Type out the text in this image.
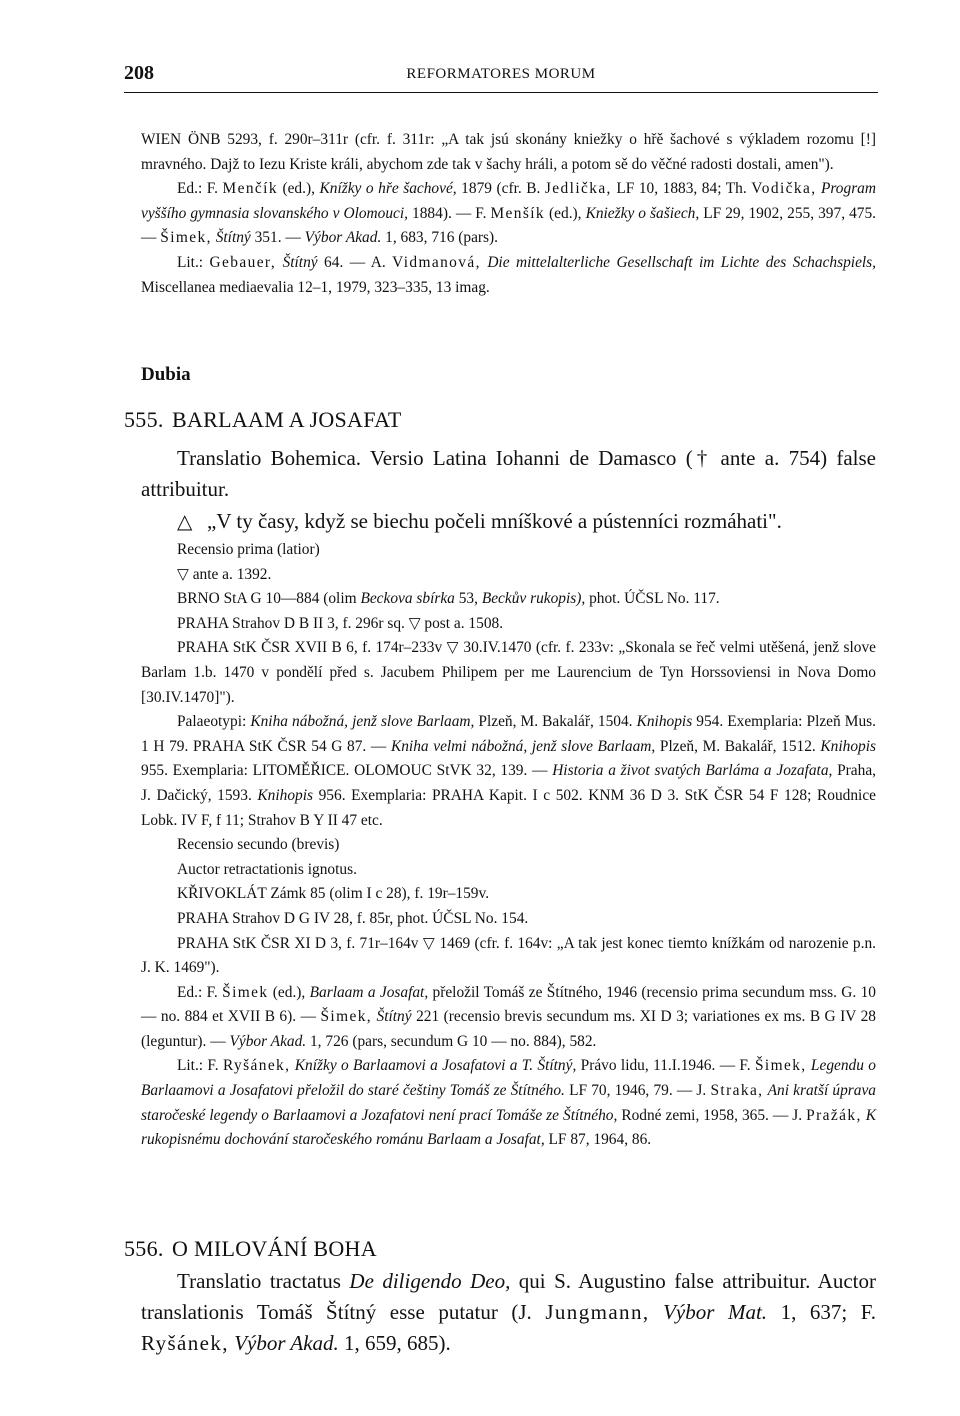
208	REFORMATORES MORUM

WIEN ÖNB 5293, f. 290r–311r (cfr. f. 311r: „A tak jsú skonány kniežky o hřě šachové s výkladem rozomu [!] mravného. Dajž to Iezu Kriste králi, abychom zde tak v šachy hráli, a potom sě do věčné radosti dostali, amen").

Ed.: F. Menčík (ed.), Knížky o hře šachové, 1879 (cfr. B. Jedlička, LF 10, 1883, 84; Th. Vodička, Program vyššího gymnasia slovanského v Olomouci, 1884). — F. Menšík (ed.), Kniežky o šašiech, LF 29, 1902, 255, 397, 475. — Šimek, Štítný 351. — Výbor Akad. 1, 683, 716 (pars).

Lit.: Gebauer, Štítný 64. — A. Vidmanová, Die mittelalterliche Gesellschaft im Lichte des Schachspiels, Miscellanea mediaevalia 12–1, 1979, 323–335, 13 imag.

Dubia
555. BARLAAM A JOSAFAT

Translatio Bohemica. Versio Latina Iohanni de Damasco († ante a. 754) false attribuitur.

△ „V ty časy, když se biechu počeli mníškové a pústenníci rozmáhati".

Recensio prima (latior)

▽ ante a. 1392.

BRNO StA G 10—884 (olim Beckova sbírka 53, Beckův rukopis), phot. ÚČSL No. 117.

PRAHA Strahov D B II 3, f. 296r sq. ▽ post a. 1508.

PRAHA StK ČSR XVII B 6, f. 174r–233v ▽ 30.IV.1470 (cfr. f. 233v: „Skonala se řeč velmi utěšená, jenž slove Barlam 1.b. 1470 v pondělí před s. Jacubem Philipem per me Laurencium de Tyn Horssoviensi in Nova Domo [30.IV.1470]").

Palaeotypi: Kniha nábožná, jenž slove Barlaam, Plzeň, M. Bakalář, 1504. Knihopis 954. Exemplaria: Plzeň Mus. 1 H 79. PRAHA StK ČSR 54 G 87. — Kniha velmi nábožná, jenž slove Barlaam, Plzeň, M. Bakalář, 1512. Knihopis 955. Exemplaria: LITOMĚŘICE. OLOMOUC StVK 32, 139. — Historia a život svatých Barláma a Jozafata, Praha, J. Dačický, 1593. Knihopis 956. Exemplaria: PRAHA Kapit. I c 502. KNM 36 D 3. StK ČSR 54 F 128; Roudnice Lobk. IV F, f 11; Strahov B Y II 47 etc.

Recensio secundo (brevis)

Auctor retractationis ignotus.

KŘIVOKLÁT Zámk 85 (olim I c 28), f. 19r–159v.

PRAHA Strahov D G IV 28, f. 85r, phot. ÚČSL No. 154.

PRAHA StK ČSR XI D 3, f. 71r–164v ▽ 1469 (cfr. f. 164v: „A tak jest konec tiemto knížkám od narozenie p.n. J. K. 1469").

Ed.: F. Šimek (ed.), Barlaam a Josafat, přeložil Tomáš ze Štítného, 1946 (recensio prima secundum mss. G. 10 — no. 884 et XVII B 6). — Šimek, Štítný 221 (recensio brevis secundum ms. XI D 3; variationes ex ms. B G IV 28 (leguntur). — Výbor Akad. 1, 726 (pars, secundum G 10 — no. 884), 582.

Lit.: F. Ryšánek, Knížky o Barlaamovi a Josafatovi a T. Štítný, Právo lidu, 11.I.1946. — F. Šimek, Legendu o Barlaamovi a Josafatovi přeložil do staré češtiny Tomáš ze Štítného. LF 70, 1946, 79. — J. Straka, Ani kratší úprava staročeské legendy o Barlaamovi a Jozafatovi není prací Tomáše ze Štítného, Rodné zemi, 1958, 365. — J. Pražák, K rukopisnému dochování staročeského románu Barlaam a Josafat, LF 87, 1964, 86.

556. O MILOVÁNÍ BOHA

Translatio tractatus De diligendo Deo, qui S. Augustino false attribuitur. Auctor translationis Tomáš Štítný esse putatur (J. Jungmann, Výbor Mat. 1, 637; F. Ryšánek, Výbor Akad. 1, 659, 685).
